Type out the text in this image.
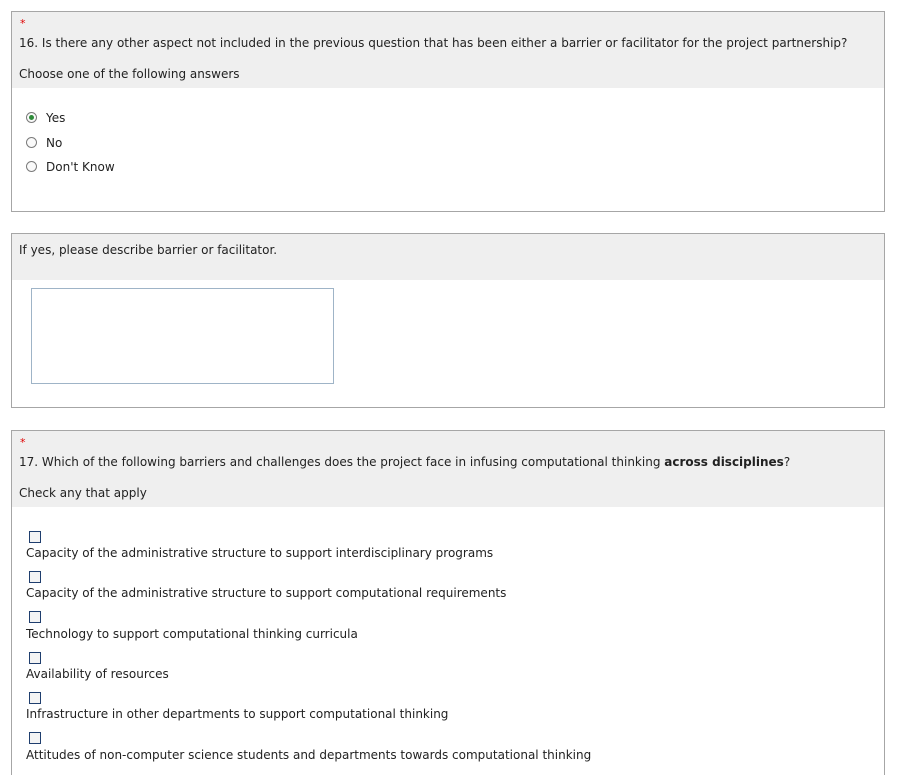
*
16. Is there any other aspect not included in the previous question that has been either a barrier or facilitator for the project partnership?
Choose one of the following answers
Yes
No
Don't Know
If yes, please describe barrier or facilitator.
*
17. Which of the following barriers and challenges does the project face in infusing computational thinking across disciplines?
Check any that apply
Capacity of the administrative structure to support interdisciplinary programs
Capacity of the administrative structure to support computational requirements
Technology to support computational thinking curricula
Availability of resources
Infrastructure in other departments to support computational thinking
Attitudes of non-computer science students and departments towards computational thinking
